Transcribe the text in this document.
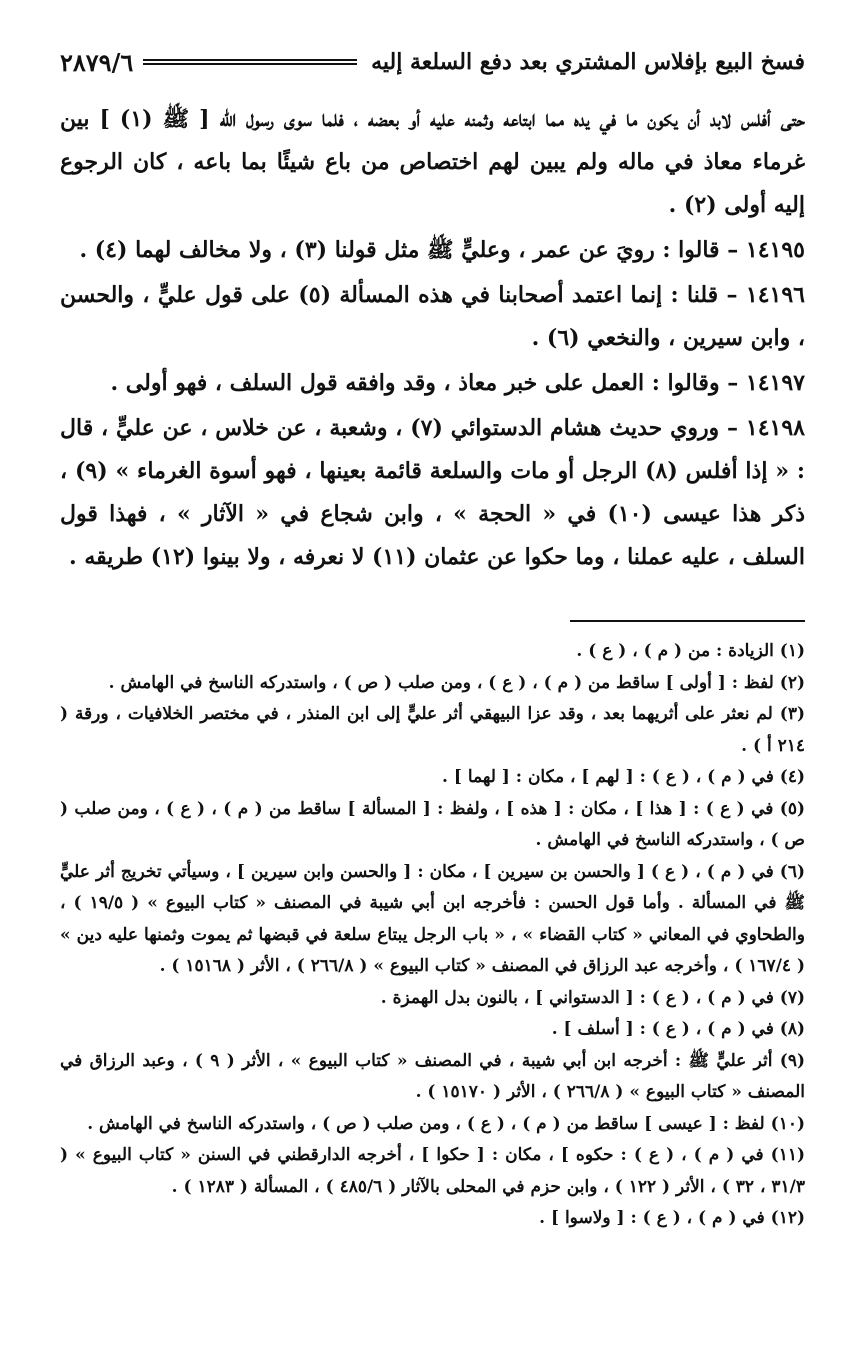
فسخ البيع بإفلاس المشتري بعد دفع السلعة إليه
٢٨٧٩/٦

حتى أفلس لابد أن يكون ما في يده مما ابتاعه وثمنه عليه أو بعضه ، فلما سوى رسول اللّه [ ﷺ (١) ] بين غرماء معاذ في ماله ولم يبين لهم اختصاص من باع شيئًا بما باعه ، كان الرجوع إليه أولى (٢) .

١٤١٩٥ – قالوا : رويَ عن عمر ، وعليٍّ ﷺ مثل قولنا (٣) ، ولا مخالف لهما (٤) .

١٤١٩٦ – قلنا : إنما اعتمد أصحابنا في هذه المسألة (٥) على قول عليٍّ ، والحسن ، وابن سيرين ، والنخعي (٦) .

١٤١٩٧ – وقالوا : العمل على خبر معاذ ، وقد وافقه قول السلف ، فهو أولى .

١٤١٩٨ – وروي حديث هشام الدستوائي (٧) ، وشعبة ، عن خلاس ، عن عليٍّ ، قال : « إذا أفلس (٨) الرجل أو مات والسلعة قائمة بعينها ، فهو أسوة الغرماء » (٩) ، ذكر هذا عيسى (١٠) في « الحجة » ، وابن شجاع في « الآثار » ، فهذا قول السلف ، عليه عملنا ، وما حكوا عن عثمان (١١) لا نعرفه ، ولا بينوا (١٢) طريقه .

(١) الزيادة : من ( م ) ، ( ع ) .

(٢) لفظ : [ أولى ] ساقط من ( م ) ، ( ع ) ، ومن صلب ( ص ) ، واستدركه الناسخ في الهامش .

(٣) لم نعثر على أثريهما بعد ، وقد عزا البيهقي أثر عليٍّ إلى ابن المنذر ، في مختصر الخلافيات ، ورقة ( ٢١٤ أ ) .

(٤) في ( م ) ، ( ع ) : [ لهم ] ، مكان : [ لهما ] .

(٥) في ( ع ) : [ هذا ] ، مكان : [ هذه ] ، ولفظ : [ المسألة ] ساقط من ( م ) ، ( ع ) ، ومن صلب ( ص ) ، واستدركه الناسخ في الهامش .

(٦) في ( م ) ، ( ع ) [ والحسن بن سيرين ] ، مكان : [ والحسن وابن سيرين ] ، وسيأتي تخريج أثر عليٍّ ﷺ في المسألة . وأما قول الحسن : فأخرجه ابن أبي شيبة في المصنف « كتاب البيوع » ( ١٩/٥ ) ، والطحاوي في المعاني « كتاب القضاء » ، « باب الرجل يبتاع سلعة في قبضها ثم يموت وثمنها عليه دين » ( ١٦٧/٤ ) ، وأخرجه عبد الرزاق في المصنف « كتاب البيوع » ( ٢٦٦/٨ ) ، الأثر ( ١٥١٦٨ ) .

(٧) في ( م ) ، ( ع ) : [ الدستواني ] ، بالنون بدل الهمزة .

(٨) في ( م ) ، ( ع ) : [ أسلف ] .

(٩) أثر عليٍّ ﷺ : أخرجه ابن أبي شيبة ، في المصنف « كتاب البيوع » ، الأثر ( ٩ ) ، وعبد الرزاق في المصنف « كتاب البيوع » ( ٢٦٦/٨ ) ، الأثر ( ١٥١٧٠ ) .

(١٠) لفظ : [ عيسى ] ساقط من ( م ) ، ( ع ) ، ومن صلب ( ص ) ، واستدركه الناسخ في الهامش .

(١١) في ( م ) ، ( ع ) : حكوه ] ، مكان : [ حكوا ] ، أخرجه الدارقطني في السنن « كتاب البيوع » ( ٣١/٣ ، ٣٢ ) ، الأثر ( ١٢٢ ) ، وابن حزم في المحلى بالآثار ( ٤٨٥/٦ ) ، المسألة ( ١٢٨٣ ) .

(١٢) في ( م ) ، ( ع ) : [ ولاسوا ] .
